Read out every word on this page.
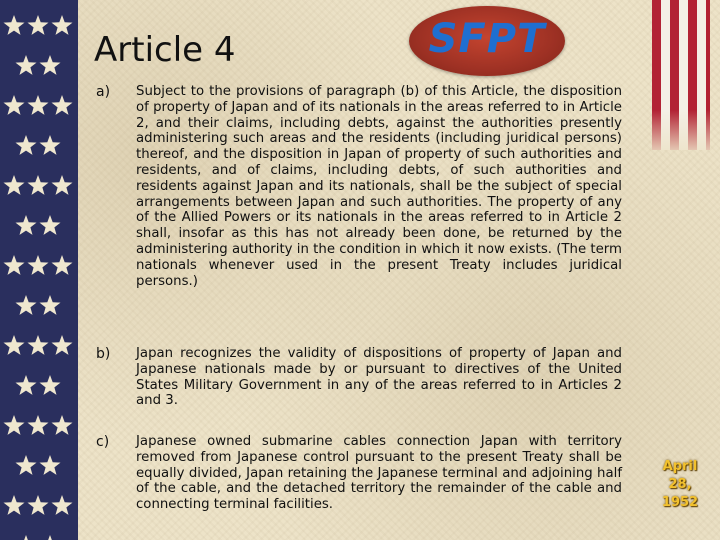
Article 4	SFPT
a) Subject to the provisions of paragraph (b) of this Article, the disposition of property of Japan and of its nationals in the areas referred to in Article 2, and their claims, including debts, against the authorities presently administering such areas and the residents (including juridical persons) thereof, and the disposition in Japan of property of such authorities and residents, and of claims, including debts, of such authorities and residents against Japan and its nationals, shall be the subject of special arrangements between Japan and such authorities. The property of any of the Allied Powers or its nationals in the areas referred to in Article 2 shall, insofar as this has not already been done, be returned by the administering authority in the condition in which it now exists. (The term nationals whenever used in the present Treaty includes juridical persons.)

b) Japan recognizes the validity of dispositions of property of Japan and Japanese nationals made by or pursuant to directives of the United States Military Government in any of the areas referred to in Articles 2 and 3.

c) Japanese owned submarine cables connection Japan with territory removed from Japanese control pursuant to the present Treaty shall be equally divided, Japan retaining the Japanese terminal and adjoining half of the cable, and the detached territory the remainder of the cable and connecting terminal facilities.

April
28,
1952
